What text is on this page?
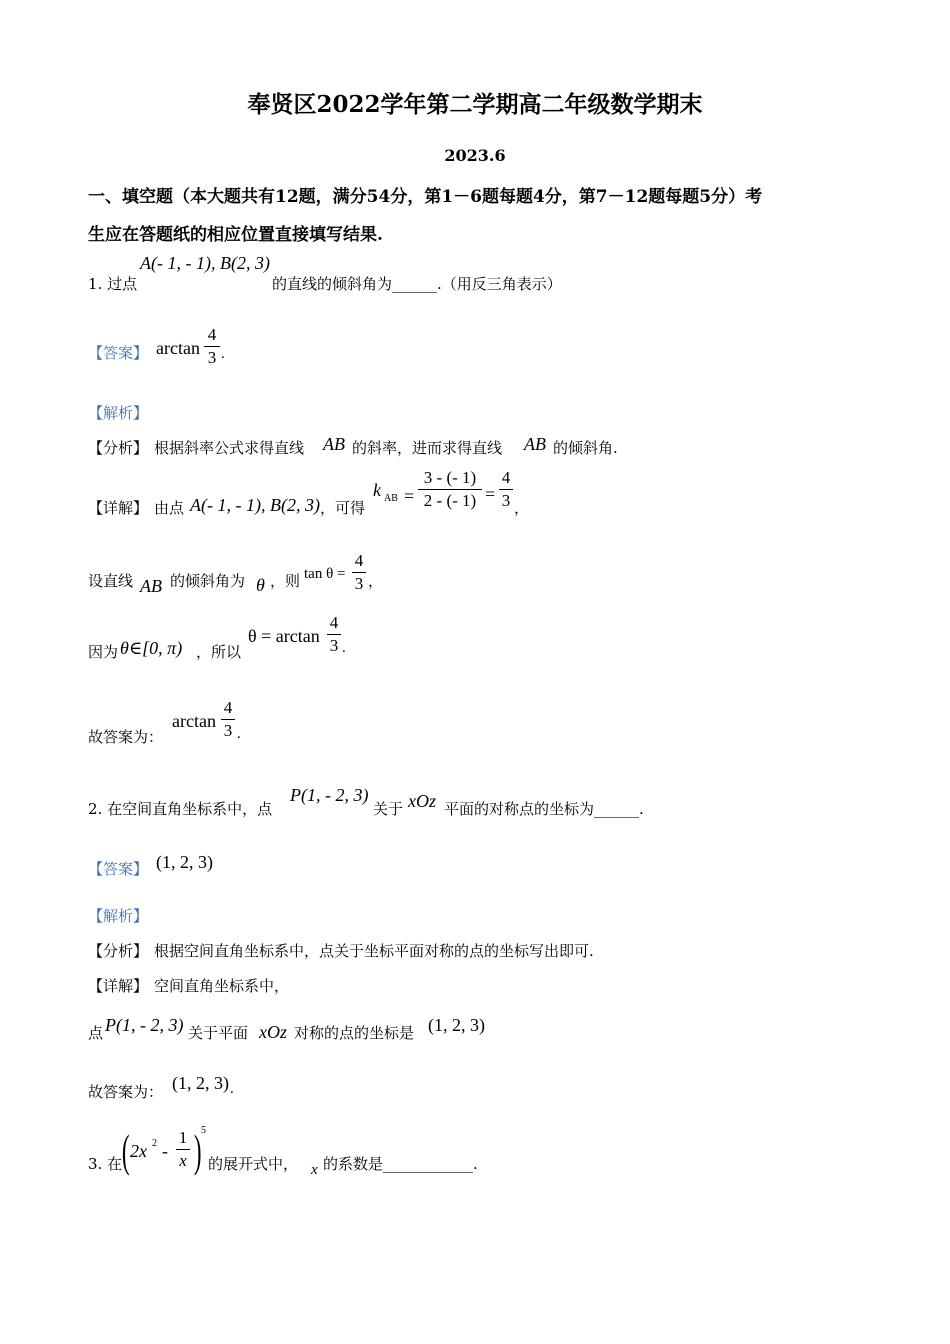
奉贤区2022学年第二学期高二年级数学期末
2023.6
一、填空题（本大题共有12题，满分54分，第1－6题每题4分，第7－12题每题5分）考
生应在答题纸的相应位置直接填写结果.
1. 过点
A(- 1, - 1), B(2, 3)
的直线的倾斜角为______.（用反三角表示）
【答案】 arctan
4
3 .
【解析】
【分析】 根据斜率公式求得直线 AB 的斜率，进而求得直线 AB 的倾斜角.
【详解】 由点 A(- 1, - 1), B(2, 3) ，可得
k AB =
3 - (- 1)
2 - (- 1) =
4
3 ，
设直线 AB 的倾斜角为 θ ，则 tan θ =
4
3 ，
因为 θ∈[0, π) ，所以
θ = arctan
4
3 .
故答案为：
arctan
4
3 .
2. 在空间直角坐标系中，点
P(1, - 2, 3)
关于 xOz 平面的对称点的坐标为______.
【答案】 (1, 2, 3)
【解析】
【分析】 根据空间直角坐标系中，点关于坐标平面对称的点的坐标写出即可.
【详解】 空间直角坐标系中，
点 P(1, - 2, 3) 关于平面 xOz 对称的点的坐标是 (1, 2, 3)
故答案为： (1, 2, 3) .
3. 在 ( 2x 2 -
1
x ) 5
的展开式中， x 的系数是____________.
